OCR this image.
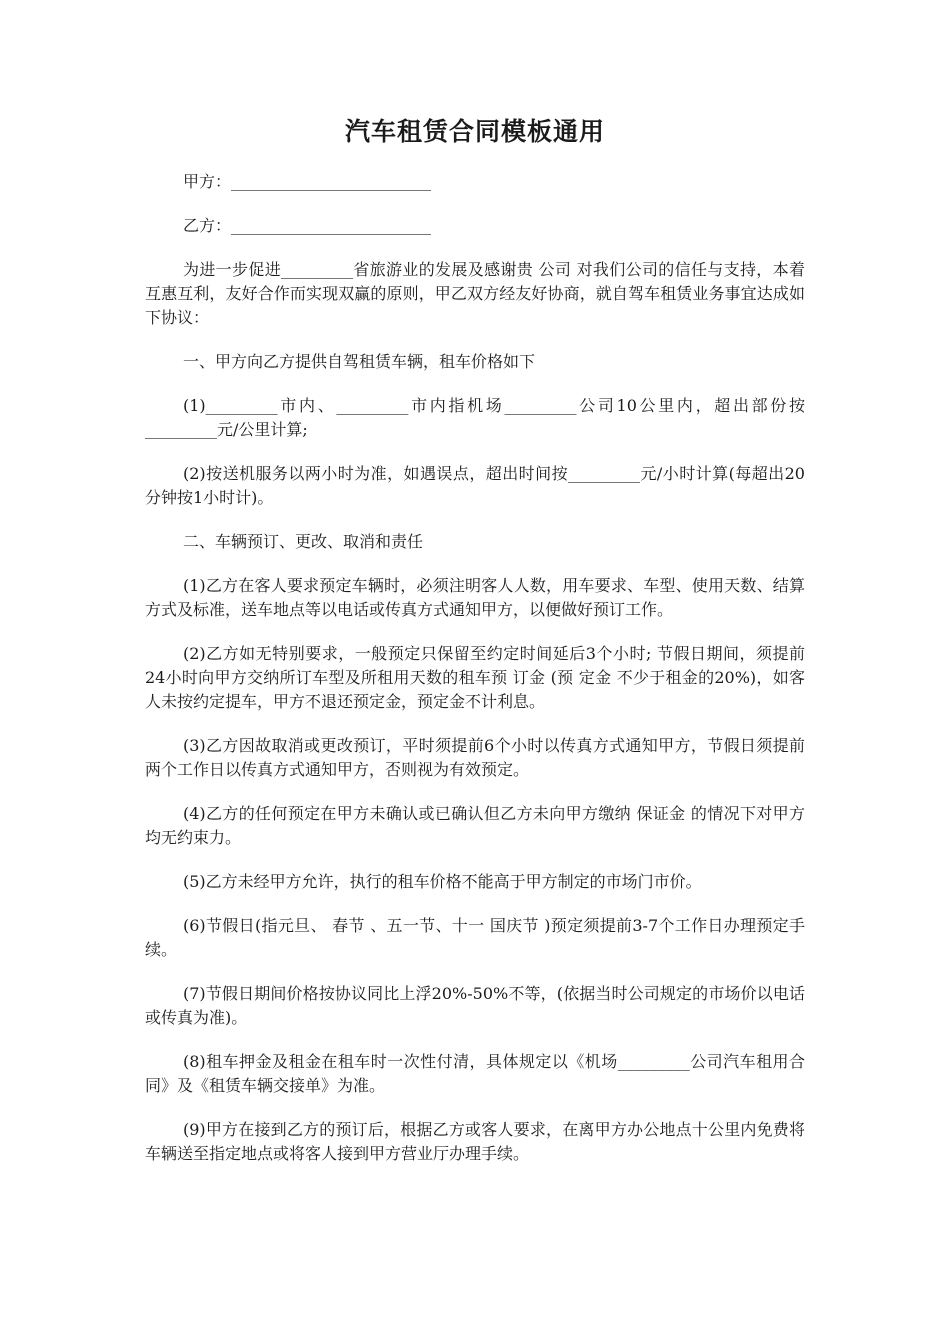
汽车租赁合同模板通用

甲方：_________________________

乙方：_________________________

为进一步促进_________省旅游业的发展及感谢贵 公司 对我们公司的信任与支持，本着互惠互利，友好合作而实现双赢的原则，甲乙双方经友好协商，就自驾车租赁业务事宜达成如下协议：

一、甲方向乙方提供自驾租赁车辆，租车价格如下

(1)_________市内、_________市内指机场_________公司10公里内，超出部份按_________元/公里计算;

(2)按送机服务以两小时为准，如遇误点，超出时间按_________元/小时计算(每超出20分钟按1小时计)。

二、车辆预订、更改、取消和责任

(1)乙方在客人要求预定车辆时，必须注明客人人数，用车要求、车型、使用天数、结算方式及标准，送车地点等以电话或传真方式通知甲方，以便做好预订工作。

(2)乙方如无特别要求，一般预定只保留至约定时间延后3个小时; 节假日期间，须提前24小时向甲方交纳所订车型及所租用天数的租车预 订金 (预 定金 不少于租金的20%)，如客人未按约定提车，甲方不退还预定金，预定金不计利息。

(3)乙方因故取消或更改预订，平时须提前6个小时以传真方式通知甲方，节假日须提前两个工作日以传真方式通知甲方，否则视为有效预定。

(4)乙方的任何预定在甲方未确认或已确认但乙方未向甲方缴纳 保证金 的情况下对甲方均无约束力。

(5)乙方未经甲方允许，执行的租车价格不能高于甲方制定的市场门市价。

(6)节假日(指元旦、 春节 、五一节、十一 国庆节 )预定须提前3-7个工作日办理预定手续。

(7)节假日期间价格按协议同比上浮20%-50%不等，(依据当时公司规定的市场价以电话或传真为准)。

(8)租车押金及租金在租车时一次性付清，具体规定以《机场_________公司汽车租用合同》及《租赁车辆交接单》为准。

(9)甲方在接到乙方的预订后，根据乙方或客人要求，在离甲方办公地点十公里内免费将车辆送至指定地点或将客人接到甲方营业厅办理手续。
